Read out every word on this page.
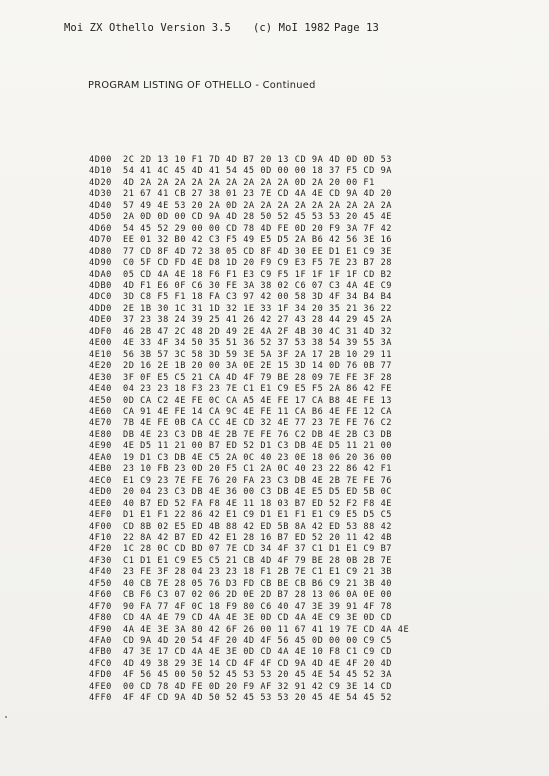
Moi ZX Othello Version 3.5 (c) MoI 1982 Page 13
PROGRAM LISTING OF OTHELLO - Continued
4D00 2C 2D 13 10 F1 7D 4D B7 20 13 CD 9A 4D 0D 0D 53
4D10 54 41 4C 45 4D 41 54 45 0D 00 00 18 37 F5 CD 9A
4D20 4D 2A 2A 2A 2A 2A 2A 2A 2A 2A 0D 2A 20 00 F1
4D30 21 67 41 CB 27 38 01 23 7E CD 4A 4E CD 9A 4D 20
4D40 57 49 4E 53 20 2A 0D 2A 2A 2A 2A 2A 2A 2A 2A 2A
4D50 2A 0D 0D 00 CD 9A 4D 28 50 52 45 53 53 20 45 4E
4D60 54 45 52 29 00 00 CD 78 4D FE 0D 20 F9 3A 7F 42
4D70 EE 01 32 B0 42 C3 F5 49 E5 D5 2A B6 42 56 3E 16
4D80 77 CD 8F 4D 72 38 05 CD 8F 4D 30 EE D1 E1 C9 3E
4D90 C0 5F CD FD 4E D8 1D 20 F9 C9 E3 F5 7E 23 B7 28
4DA0 05 CD 4A 4E 18 F6 F1 E3 C9 F5 1F 1F 1F 1F CD B2
4DB0 4D F1 E6 0F C6 30 FE 3A 38 02 C6 07 C3 4A 4E C9
4DC0 3D C8 F5 F1 18 FA C3 97 42 00 58 3D 4F 34 B4 B4
4DD0 2E 1B 30 1C 31 1D 32 1E 33 1F 34 20 35 21 36 22
4DE0 37 23 38 24 39 25 41 26 42 27 43 28 44 29 45 2A
4DF0 46 2B 47 2C 48 2D 49 2E 4A 2F 4B 30 4C 31 4D 32
4E00 4E 33 4F 34 50 35 51 36 52 37 53 38 54 39 55 3A
4E10 56 3B 57 3C 58 3D 59 3E 5A 3F 2A 17 2B 10 29 11
4E20 2D 16 2E 1B 20 00 3A 0E 2E 15 3D 14 0D 76 0B 77
4E30 3F 0F E5 C5 21 CA 4D 4F 79 BE 28 09 7E FE 3F 28
4E40 04 23 23 18 F3 23 7E C1 E1 C9 E5 F5 2A 86 42 FE
4E50 0D CA C2 4E FE 0C CA A5 4E FE 17 CA B8 4E FE 13
4E60 CA 91 4E FE 14 CA 9C 4E FE 11 CA B6 4E FE 12 CA
4E70 7B 4E FE 0B CA CC 4E CD 32 4E 77 23 7E FE 76 C2
4E80 DB 4E 23 C3 DB 4E 2B 7E FE 76 C2 DB 4E 2B C3 DB
4E90 4E D5 11 21 00 B7 ED 52 D1 C3 DB 4E D5 11 21 00
4EA0 19 D1 C3 DB 4E C5 2A 0C 40 23 0E 18 06 20 36 00
4EB0 23 10 FB 23 0D 20 F5 C1 2A 0C 40 23 22 86 42 F1
4EC0 E1 C9 23 7E FE 76 20 FA 23 C3 DB 4E 2B 7E FE 76
4ED0 20 04 23 C3 DB 4E 36 00 C3 DB 4E E5 D5 ED 5B 0C
4EE0 40 B7 ED 52 FA F8 4E 11 18 03 B7 ED 52 F2 F8 4E
4EF0 D1 E1 F1 22 86 42 E1 C9 D1 E1 F1 E1 C9 E5 D5 C5
4F00 CD 8B 02 E5 ED 4B 88 42 ED 5B 8A 42 ED 53 88 42
4F10 22 8A 42 B7 ED 42 E1 28 16 B7 ED 52 20 11 42 4B
4F20 1C 28 0C CD BD 07 7E CD 34 4F 37 C1 D1 E1 C9 B7
4F30 C1 D1 E1 C9 E5 C5 21 CB 4D 4F 79 BE 28 0B 2B 7E
4F40 23 FE 3F 28 04 23 23 18 F1 2B 7E C1 E1 C9 21 3B
4F50 40 CB 7E 28 05 76 D3 FD CB BE CB B6 C9 21 3B 40
4F60 CB F6 C3 07 02 06 2D 0E 2D B7 28 13 06 0A 0E 00
4F70 90 FA 77 4F 0C 18 F9 80 C6 40 47 3E 39 91 4F 78
4F80 CD 4A 4E 79 CD 4A 4E 3E 0D CD 4A 4E C9 3E 0D CD
4F90 4A 4E 3E 3A 80 42 6F 26 00 11 67 41 19 7E CD 4A 4E
4FA0 CD 9A 4D 20 54 4F 20 4D 4F 56 45 0D 00 00 C9 C5
4FB0 47 3E 17 CD 4A 4E 3E 0D CD 4A 4E 10 F8 C1 C9 CD
4FC0 4D 49 38 29 3E 14 CD 4F 4F CD 9A 4D 4E 4F 20 4D
4FD0 4F 56 45 00 50 52 45 53 53 20 45 4E 54 45 52 3A
4FE0 00 CD 78 4D FE 0D 20 F9 AF 32 91 42 C9 3E 14 CD
4FF0 4F 4F CD 9A 4D 50 52 45 53 53 20 45 4E 54 45 52
